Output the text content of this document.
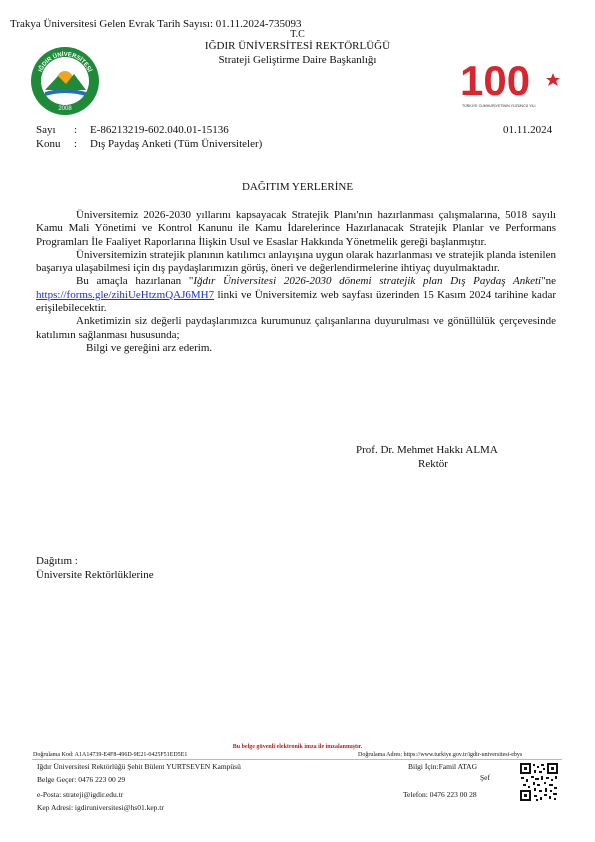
Trakya Üniversitesi Gelen Evrak Tarih Sayısı: 01.11.2024-735093
T.C
IĞDIR ÜNİVERSİTESİ REKTÖRLÜĞÜ
Strateji Geliştirme Daire Başkanlığı
IĞDIR ÜNİVERSİTESİ
2008
100
TÜRKİYE CUMHURİYETİNİN YÜZÜNCÜ YILI
Sayı : E-86213219-602.040.01-15136
Konu : Dış Paydaş Anketi (Tüm Üniversiteler)
01.11.2024
DAĞITIM YERLERİNE

Üniversitemiz 2026-2030 yıllarını kapsayacak Stratejik Planı'nın hazırlanması çalışmalarına, 5018 sayılı Kamu Mali Yönetimi ve Kontrol Kanunu ile Kamu İdarelerince Hazırlanacak Stratejik Planlar ve Performans Programları İle Faaliyet Raporlarına İlişkin Usul ve Esaslar Hakkında Yönetmelik gereği başlanmıştır.

Üniversitemizin stratejik planının katılımcı anlayışına uygun olarak hazırlanması ve stratejik planda istenilen başarıya ulaşabilmesi için dış paydaşlarımızın görüş, öneri ve değerlendirmelerine ihtiyaç duyulmaktadır.

Bu amaçla hazırlanan "Iğdır Üniversitesi 2026-2030 dönemi stratejik plan Dış Paydaş Anketi"ne https://forms.gle/zihiUeHtzmQAJ6MH7 linki ve Üniversitemiz web sayfası üzerinden 15 Kasım 2024 tarihine kadar erişilebilecektir.

Anketimizin siz değerli paydaşlarımızca kurumunuz çalışanlarına duyurulması ve gönüllülük çerçevesinde katılımın sağlanması hususunda;

Bilgi ve gereğini arz ederim.

Prof. Dr. Mehmet Hakkı ALMA
Rektör
Dağıtım :
Üniversite Rektörlüklerine
Bu belge güvenli elektronik imza ile imzalanmıştır.
Doğrulama Kod: A1A14739-E4F8-496D-9E21-0425F51ED5E1	Doğrulama Adres: https://www.turkiye.gov.tr/igdir-universitesi-ebys
Iğdır Üniversitesi Rektörlüğü Şehit Bülent YURTSEVEN Kampüsü
Belge Geçer: 0476 223 00 29
e-Posta: strateji@igdir.edu.tr
Kep Adresi: igdiruniversitesi@hs01.kep.tr
Bilgi İçin:Famil ATAG
Şef
Telefon: 0476 223 00 28
